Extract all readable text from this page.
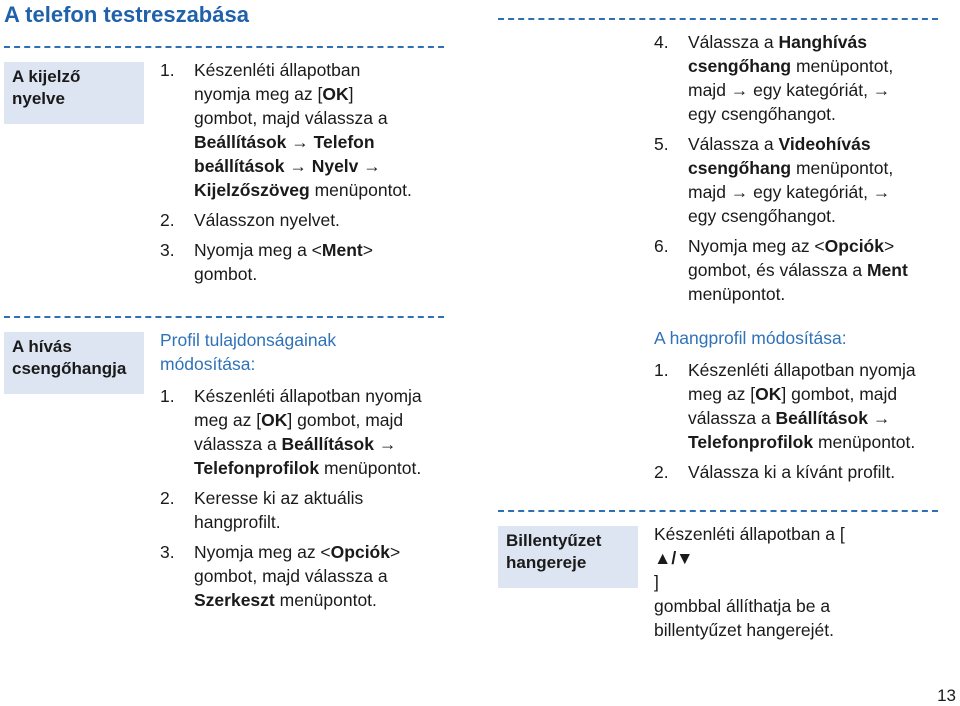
A telefon testreszabása
A kijelző
nyelve
1. Készenléti állapotban
nyomja meg az [OK]
gombot, majd válassza a
Beállítások → Telefon
beállítások → Nyelv →
Kijelzőszöveg menüpontot.
2. Válasszon nyelvet.
3. Nyomja meg a <Ment>
gombot.
A hívás
csengőhangja
Profil tulajdonságainak
módosítása:
1. Készenléti állapotban nyomja
meg az [OK] gombot, majd
válassza a Beállítások →
Telefonprofilok menüpontot.
2. Keresse ki az aktuális
hangprofilt.
3. Nyomja meg az <Opciók>
gombot, majd válassza a
Szerkeszt menüpontot.
4. Válassza a Hanghívás
csengőhang menüpontot,
majd → egy kategóriát, →
egy csengőhangot.
5. Válassza a Videohívás
csengőhang menüpontot,
majd → egy kategóriát, →
egy csengőhangot.
6. Nyomja meg az <Opciók>
gombot, és válassza a Ment
menüpontot.
A hangprofil módosítása:
1. Készenléti állapotban nyomja
meg az [OK] gombot, majd
válassza a Beállítások →
Telefonprofilok menüpontot.
2. Válassza ki a kívánt profilt.
Billentyűzet
hangereje
Készenléti állapotban a [
▲/▼
]
gombbal állíthatja be a
billentyűzet hangerejét.
13
